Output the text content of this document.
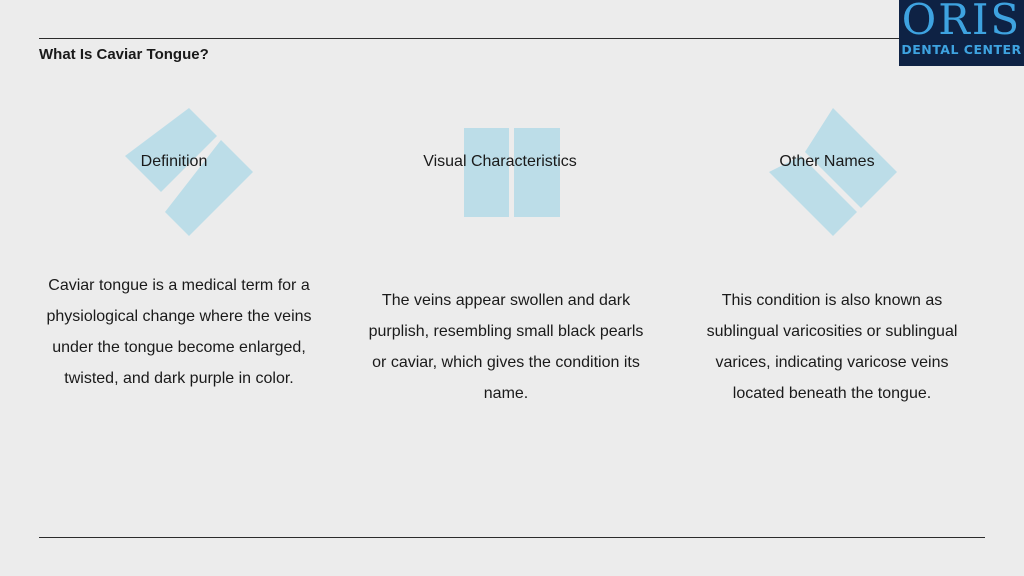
What Is Caviar Tongue?
ORIS
DENTAL CENTER
Definition	Visual Characteristics	Other Names
Caviar tongue is a medical term for a physiological change where the veins under the tongue become enlarged, twisted, and dark purple in color.
The veins appear swollen and dark purplish, resembling small black pearls or caviar, which gives the condition its name.
This condition is also known as sublingual varicosities or sublingual varices, indicating varicose veins located beneath the tongue.
